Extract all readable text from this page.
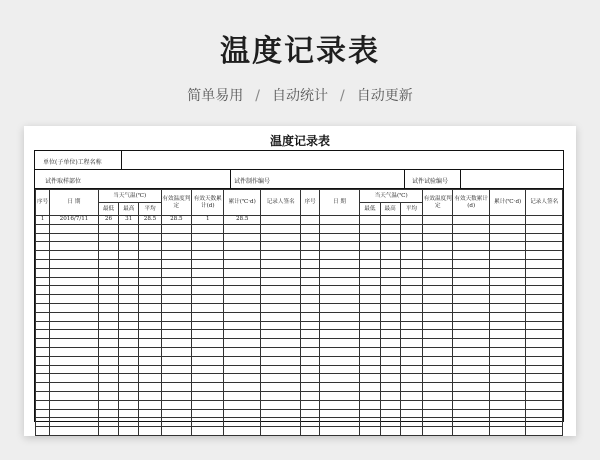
温度记录表
简单易用 / 自动统计 / 自动更新
温度记录表
单位(子单位)工程名称
试件取样部位	试件制作编号	试件试验编号
序号	日 期	当天气温(℃)			有效温度判定	有效天数累计(d)	累计(℃·d)	记录人签名	序号	日 期	当天气温(℃)			有效温度判定	有效天数累计(d)	累计(℃·d)	记录人签名
		最低	最高	平均							最低	最高	平均				
1	2016/7/11	26	31	28.5	28.5	1	28.5										
